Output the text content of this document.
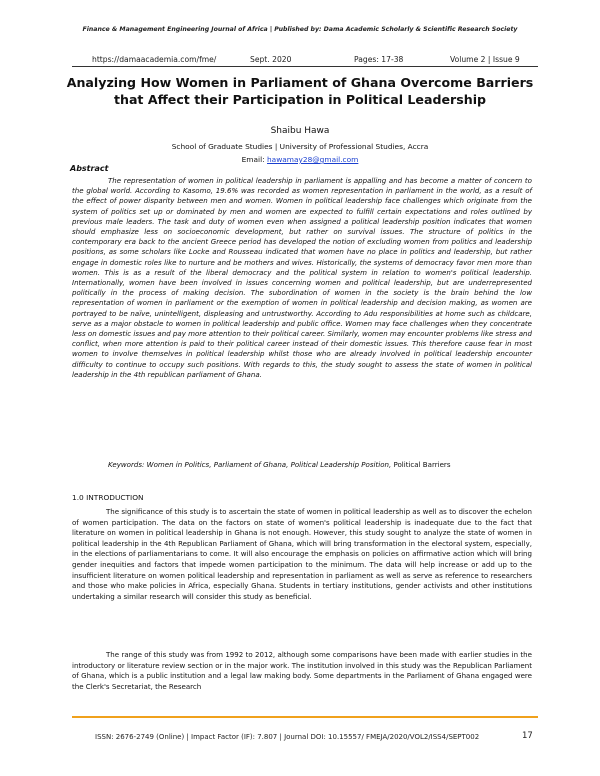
Finance & Management Engineering Journal of Africa | Published by: Dama Academic Scholarly & Scientific Research Society
https://damaacademia.com/fme/	Sept. 2020	Pages: 17-38	Volume 2 | Issue 9
Analyzing How Women in Parliament of Ghana Overcome Barriers that Affect their Participation in Political Leadership
Shaibu Hawa
School of Graduate Studies | University of Professional Studies, Accra
Email: hawamay28@gmail.com
Abstract

The representation of women in political leadership in parliament is appalling and has become a matter of concern to the global world. According to Kasomo, 19.6% was recorded as women representation in parliament in the world, as a result of the effect of power disparity between men and women. Women in political leadership face challenges which originate from the system of politics set up or dominated by men and women are expected to fulfill certain expectations and roles outlined by previous male leaders. The task and duty of women even when assigned a political leadership position indicates that women should emphasize less on socioeconomic development, but rather on survival issues. The structure of politics in the contemporary era back to the ancient Greece period has developed the notion of excluding women from politics and leadership positions, as some scholars like Locke and Rousseau indicated that women have no place in politics and leadership, but rather engage in domestic roles like to nurture and be mothers and wives. Historically, the systems of democracy favor men more than women. This is as a result of the liberal democracy and the political system in relation to women's political leadership. Internationally, women have been involved in issues concerning women and political leadership, but are underrepresented politically in the process of making decision. The subordination of women in the society is the brain behind the low representation of women in parliament or the exemption of women in political leadership and decision making, as women are portrayed to be naïve, unintelligent, displeasing and untrustworthy. According to Adu responsibilities at home such as childcare, serve as a major obstacle to women in political leadership and public office. Women may face challenges when they concentrate less on domestic issues and pay more attention to their political career. Similarly, women may encounter problems like stress and conflict, when more attention is paid to their political career instead of their domestic issues. This therefore cause fear in most women to involve themselves in political leadership whilst those who are already involved in political leadership encounter difficulty to continue to occupy such positions. With regards to this, the study sought to assess the state of women in political leadership in the 4th republican parliament of Ghana.

Keywords: Women in Politics, Parliament of Ghana, Political Leadership Position, Political Barriers
1.0 INTRODUCTION

The significance of this study is to ascertain the state of women in political leadership as well as to discover the echelon of women participation. The data on the factors on state of women's political leadership is inadequate due to the fact that literature on women in political leadership in Ghana is not enough. However, this study sought to analyze the state of women in political leadership in the 4th Republican Parliament of Ghana, which will bring transformation in the electoral system, especially, in the elections of parliamentarians to come. It will also encourage the emphasis on policies on affirmative action which will bring gender inequities and factors that impede women participation to the minimum. The data will help increase or add up to the insufficient literature on women political leadership and representation in parliament as well as serve as reference to researchers and those who make policies in Africa, especially Ghana. Students in tertiary institutions, gender activists and other institutions undertaking a similar research will consider this study as beneficial.

The range of this study was from 1992 to 2012, although some comparisons have been made with earlier studies in the introductory or literature review section or in the major work. The institution involved in this study was the Republican Parliament of Ghana, which is a public institution and a legal law making body. Some departments in the Parliament of Ghana engaged were the Clerk's Secretariat, the Research

ISSN: 2676-2749 (Online) | Impact Factor (IF): 7.807 | Journal DOI: 10.15557/ FMEJA/2020/VOL2/ISS4/SEPT002	17
